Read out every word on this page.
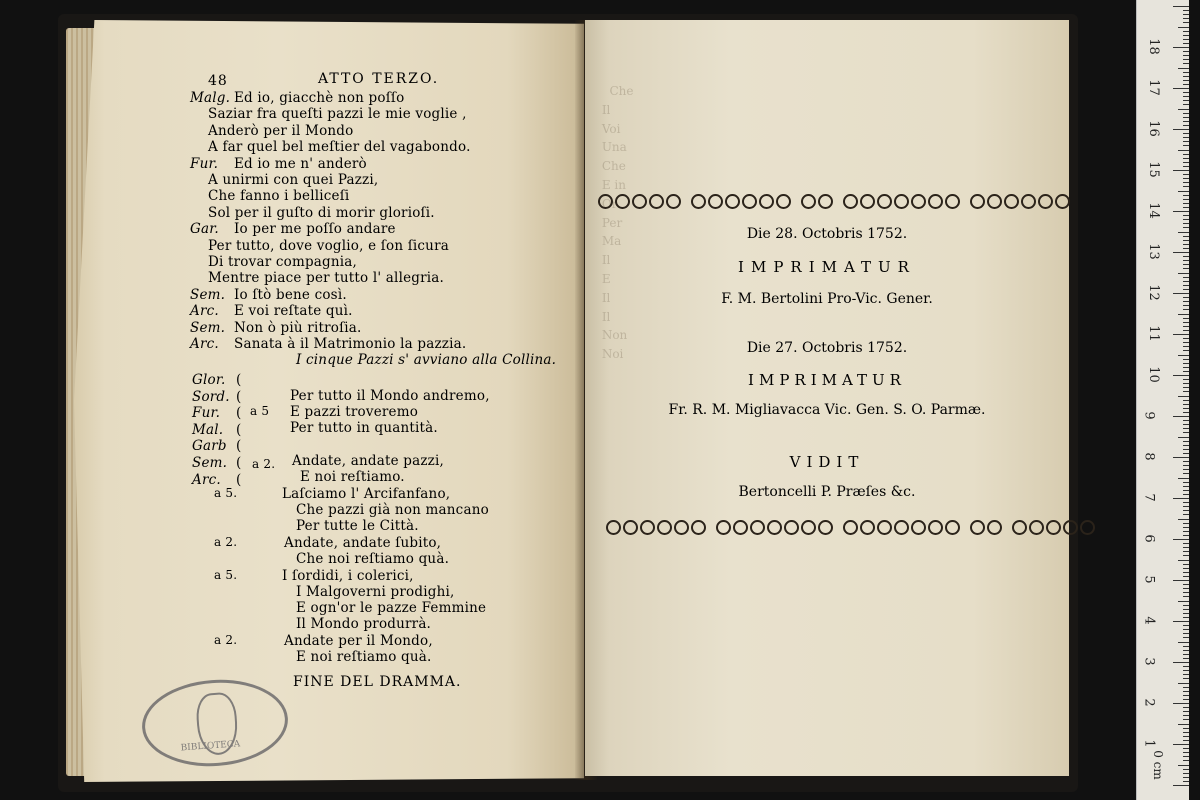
48	ATTO TERZO.
Malg. Ed io, giacchè non poſſo
Saziar fra queſti pazzi le mie voglie ,
Anderò per il Mondo
A far quel bel meſtier del vagabondo.
Fur. Ed io me n' anderò
A unirmi con quei Pazzi,
Che fanno i belliceſi
Sol per il guſto di morir glorioſi.
Gar. Io per me poſſo andare
Per tutto, dove voglio, e ſon ſicura
Di trovar compagnia,
Mentre piace per tutto l' allegria.
Sem. Io ſtò bene così.
Arc. E voi reſtate quì.
Sem. Non ò più ritroſia.
Arc. Sanata à il Matrimonio la pazzia.
I cinque Pazzi s' avviano alla Collina.
Glor. (
Sord. (
Fur. (
Mal. (
Garb (
Sem. (
Arc. (
a 5
a 2.
Per tutto il Mondo andremo,
E pazzi troveremo
Per tutto in quantità.
Andate, andate pazzi,
E noi reſtiamo.
a 5.	Laſciamo l' Arcifanfano,
Che pazzi già non mancano
Per tutte le Città.
a 2.	Andate, andate ſubito,
Che noi reſtiamo quà.
a 5.	I ſordidi, i colerici,
I Malgoverni prodighi,
E ogn'or le pazze Femmine
Il Mondo produrrà.
a 2.	Andate per il Mondo,
E noi reſtiamo quà.
FINE DEL DRAMMA.
BIBLIOTECA
Che
Il
Voi
Una
Che
E in
Or
Per
Ma
Il
E
Il
Il
Non
Noi
Die 28. Octobris 1752.
IMPRIMATUR
F. M. Bertolini Pro-Vic. Gener.
Die 27. Octobris 1752.
IMPRIMATUR
Fr. R. M. Migliavacca Vic. Gen. S. O. Parmæ.
VIDIT
Bertoncelli P. Præſes &c.
0 cm
1
2
3
4
5
6
7
8
9
10
11
12
13
14
15
16
17
18
